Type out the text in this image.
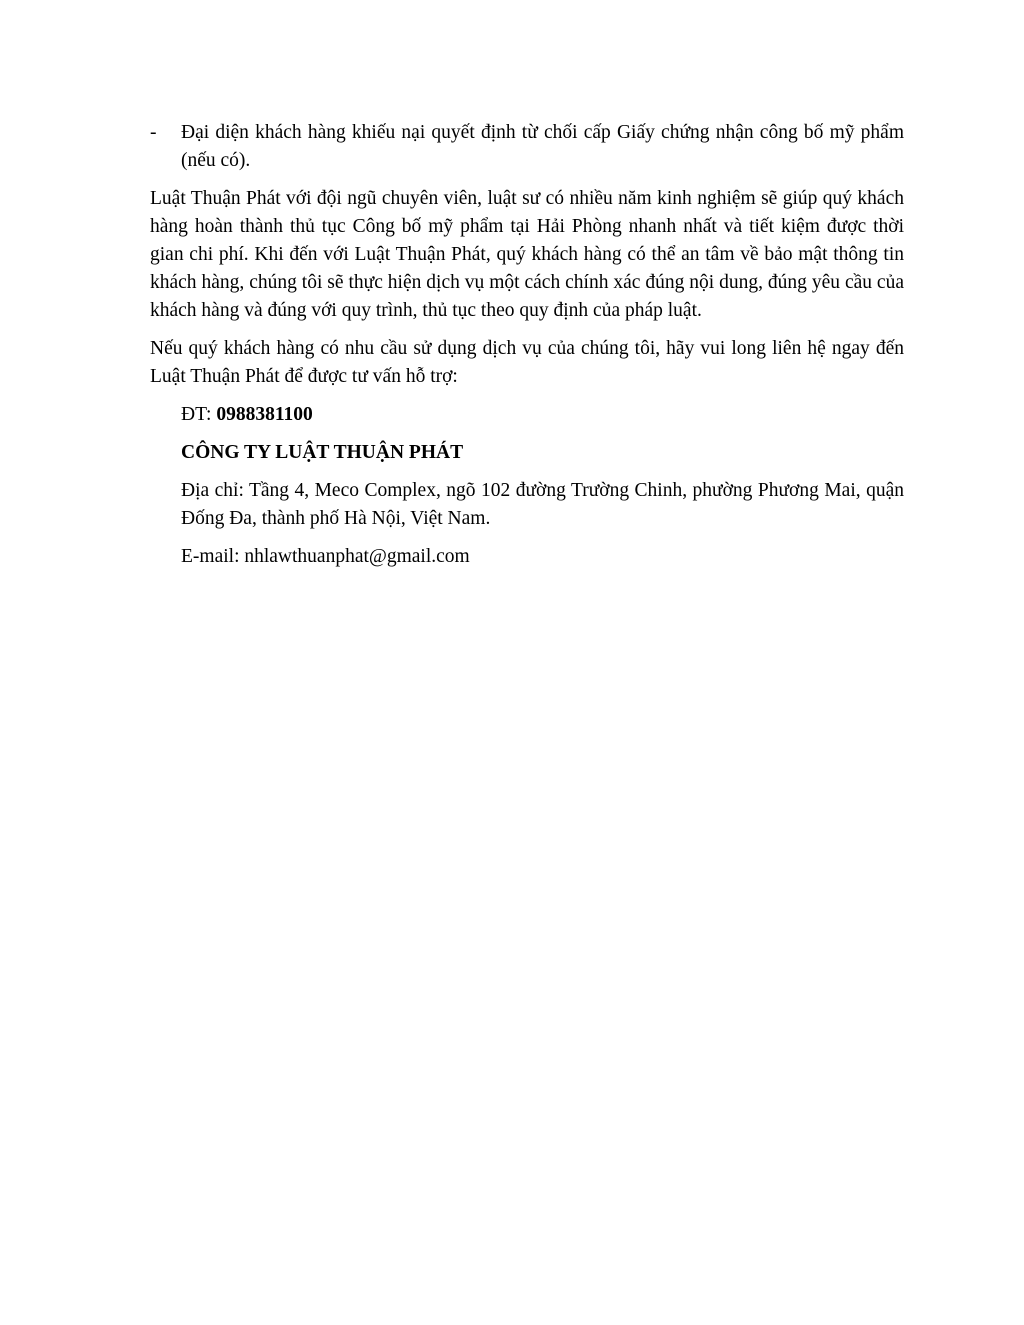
- Đại diện khách hàng khiếu nại quyết định từ chối cấp Giấy chứng nhận công bố mỹ phẩm (nếu có).

Luật Thuận Phát với đội ngũ chuyên viên, luật sư có nhiều năm kinh nghiệm sẽ giúp quý khách hàng hoàn thành thủ tục Công bố mỹ phẩm tại Hải Phòng nhanh nhất và tiết kiệm được thời gian chi phí. Khi đến với Luật Thuận Phát, quý khách hàng có thể an tâm về bảo mật thông tin khách hàng, chúng tôi sẽ thực hiện dịch vụ một cách chính xác đúng nội dung, đúng yêu cầu của khách hàng và đúng với quy trình, thủ tục theo quy định của pháp luật.

Nếu quý khách hàng có nhu cầu sử dụng dịch vụ của chúng tôi, hãy vui long liên hệ ngay đến Luật Thuận Phát để được tư vấn hỗ trợ:

ĐT: 0988381100

CÔNG TY LUẬT THUẬN PHÁT

Địa chỉ: Tầng 4, Meco Complex, ngõ 102 đường Trường Chinh, phường Phương Mai, quận Đống Đa, thành phố Hà Nội, Việt Nam.

E-mail: nhlawthuanphat@gmail.com
